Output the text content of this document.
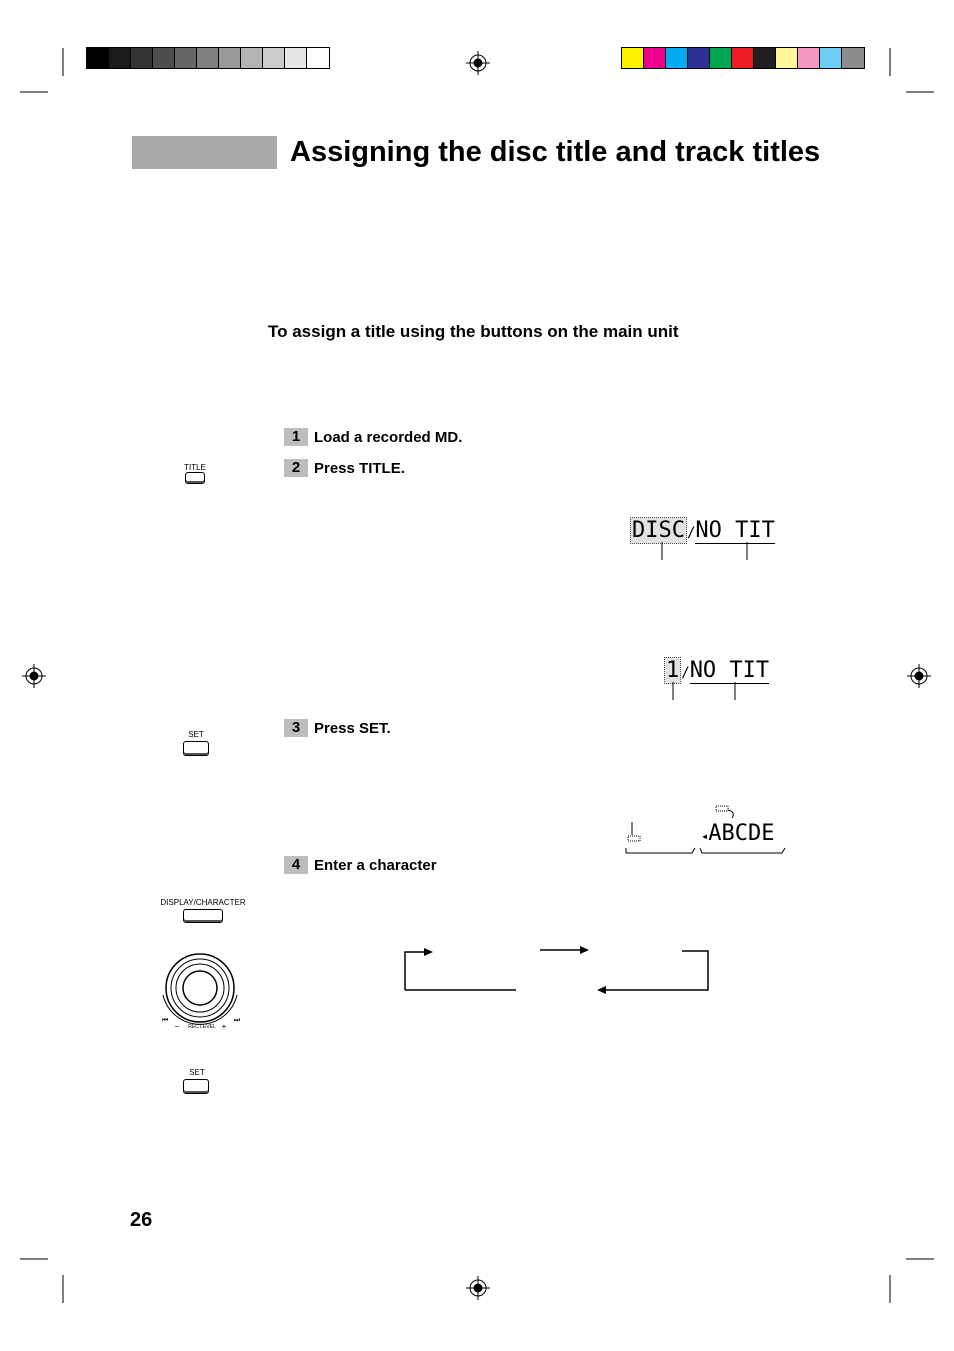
Assigning the disc title and track titles
To assign a title using the buttons on the main unit
1 Load a recorded MD.
2 Press TITLE.
3 Press SET.
4 Enter a character
TITLE
SET
DISPLAY/CHARACTER
⏮	⏭
−	REC LEVEL +
SET
DISC /NO TIT
1 /NO TIT
◂ABCDE
26
